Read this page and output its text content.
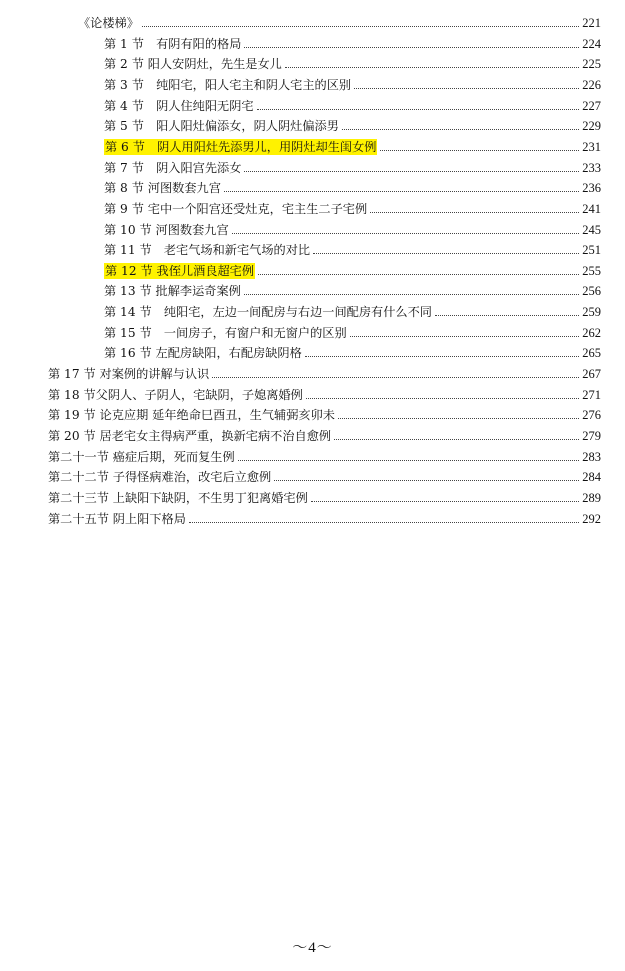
《论楼梯》	221
第 1 节　有阴有阳的格局	224
第 2 节 阳人安阴灶，先生是女儿	225
第 3 节　纯阳宅，阳人宅主和阴人宅主的区别	226
第 4 节　阴人住纯阳无阴宅	227
第 5 节　阳人阳灶偏添女，阴人阴灶偏添男	229
第 6 节　阴人用阳灶先添男儿，用阴灶却生闺女例	231
第 7 节　阴入阳宫先添女	233
第 8 节 河图数套九宫	236
第 9 节 宅中一个阳宫还受灶克，宅主生二子宅例	241
第 10 节 河图数套九宫	245
第 11 节　老宅气场和新宅气场的对比	251
第 12 节 我侄儿酒良超宅例	255
第 13 节 批解李运奇案例	256
第 14 节　纯阳宅，左边一间配房与右边一间配房有什么不同	259
第 15 节　一间房子，有窗户和无窗户的区别	262
第 16 节 左配房缺阳，右配房缺阴格	265
第 17 节 对案例的讲解与认识	267
第 18 节父阴人、子阴人，宅缺阴，子媳离婚例	271
第 19 节 论克应期 延年绝命巳酉丑，生气辅弼亥卯未	276
第 20 节 居老宅女主得病严重，换新宅病不治自愈例	279
第二十一节 癌症后期，死而复生例	283
第二十二节 子得怪病难治，改宅后立愈例	284
第二十三节 上缺阳下缺阴，不生男丁犯离婚宅例	289
第二十五节 阴上阳下格局	292
～4～
